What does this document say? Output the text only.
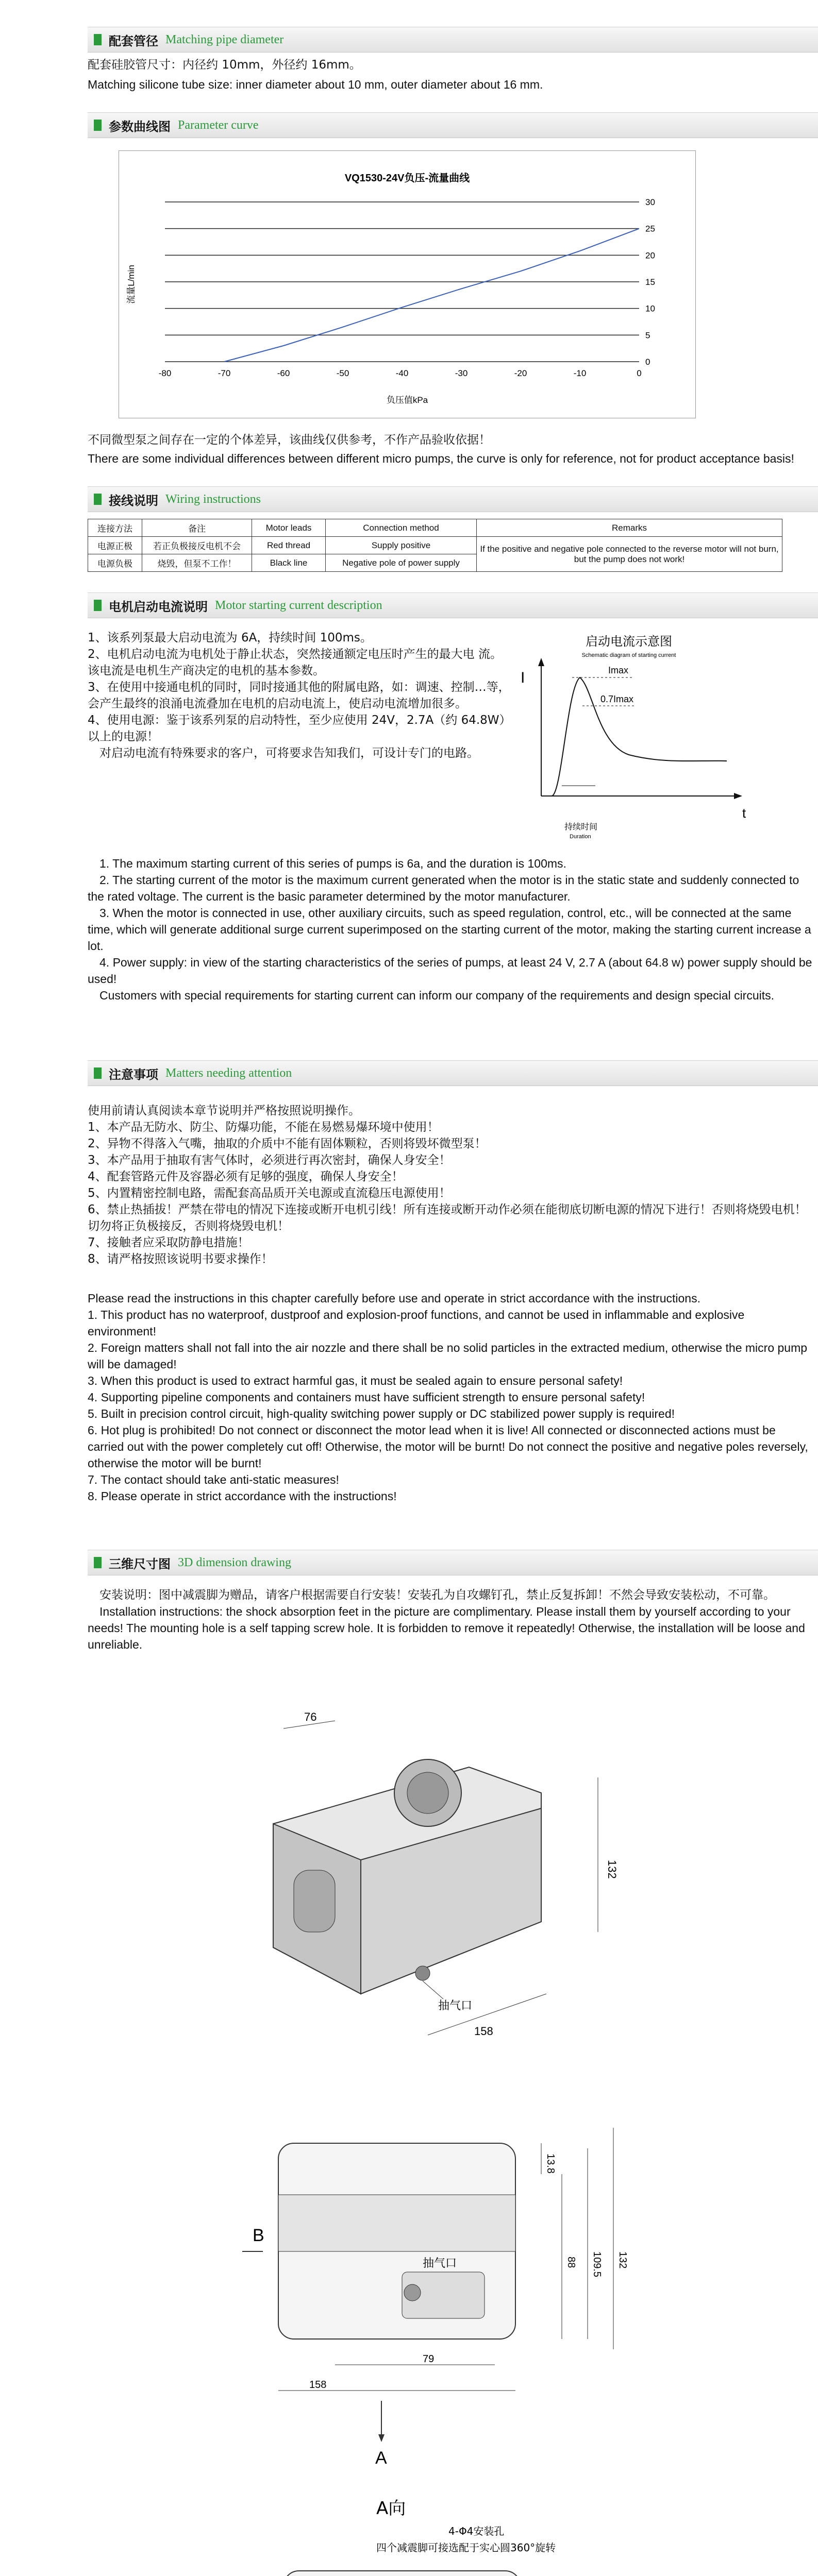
配套管径 Matching pipe diameter

配套硅胶管尺寸：内径约 10mm，外径约 16mm。

Matching silicone tube size: inner diameter about 10 mm, outer diameter about 16 mm.

参数曲线图 Parameter curve
VQ1530-24V负压-流量曲线
-80	-70	-60	-50	-40	-30	-20	-10	0
0
5
10
15
20
25
30
负压值kPa
流量L/min

不同微型泵之间存在一定的个体差异，该曲线仅供参考，不作产品验收依据！

There are some individual differences between different micro pumps, the curve is only for reference, not for product acceptance basis!

接线说明 Wiring instructions
连接方法	备注	Motor leads	Connection method	Remarks
电源正极	若正负极接反电机不会	Red thread	Supply positive	If the positive and negative pole connected to the reverse motor will not burn, but the pump does not work!
电源负极	烧毁，但泵不工作！	Black line	Negative pole of power supply	
电机启动电流说明 Motor starting current description

1、该系列泵最大启动电流为 6A，持续时间 100ms。

2、电机启动电流为电机处于静止状态，突然接通额定电压时产生的最大电 流。该电流是电机生产商决定的电机的基本参数。

3、在使用中接通电机的同时，同时接通其他的附属电路，如：调速、控制…等，会产生最终的浪涌电流叠加在电机的启动电流上，使启动电流增加很多。

4、使用电源：鉴于该系列泵的启动特性，至少应使用 24V，2.7A（约 64.8W）以上的电源！

对启动电流有特殊要求的客户，可将要求告知我们，可设计专门的电路。

启动电流示意图
Schematic diagram of starting current
I
t
Imax
0.7Imax
持续时间
Duration

1. The maximum starting current of this series of pumps is 6a, and the duration is 100ms.

2. The starting current of the motor is the maximum current generated when the motor is in the static state and suddenly connected to the rated voltage. The current is the basic parameter determined by the motor manufacturer.

3. When the motor is connected in use, other auxiliary circuits, such as speed regulation, control, etc., will be connected at the same time, which will generate additional surge current superimposed on the starting current of the motor, making the starting current increase a lot.

4. Power supply: in view of the starting characteristics of the series of pumps, at least 24 V, 2.7 A (about 64.8 w) power supply should be used!

Customers with special requirements for starting current can inform our company of the requirements and design special circuits.

注意事项 Matters needing attention

使用前请认真阅读本章节说明并严格按照说明操作。

1、本产品无防水、防尘、防爆功能，不能在易燃易爆环境中使用！

2、异物不得落入气嘴，抽取的介质中不能有固体颗粒，否则将毁坏微型泵！

3、本产品用于抽取有害气体时，必须进行再次密封，确保人身安全！

4、配套管路元件及容器必须有足够的强度，确保人身安全！

5、内置精密控制电路，需配套高品质开关电源或直流稳压电源使用！

6、禁止热插拔！严禁在带电的情况下连接或断开电机引线！所有连接或断开动作必须在能彻底切断电源的情况下进行！否则将烧毁电机！切勿将正负极接反，否则将烧毁电机！

7、接触者应采取防静电措施！

8、请严格按照该说明书要求操作！

Please read the instructions in this chapter carefully before use and operate in strict accordance with the instructions.

1. This product has no waterproof, dustproof and explosion-proof functions, and cannot be used in inflammable and explosive environment!

2. Foreign matters shall not fall into the air nozzle and there shall be no solid particles in the extracted medium, otherwise the micro pump will be damaged!

3. When this product is used to extract harmful gas, it must be sealed again to ensure personal safety!

4. Supporting pipeline components and containers must have sufficient strength to ensure personal safety!

5. Built in precision control circuit, high-quality switching power supply or DC stabilized power supply is required!

6. Hot plug is prohibited! Do not connect or disconnect the motor lead when it is live! All connected or disconnected actions must be carried out with the power completely cut off! Otherwise, the motor will be burnt! Do not connect the positive and negative poles reversely, otherwise the motor will be burnt!

7. The contact should take anti-static measures!

8. Please operate in strict accordance with the instructions!

三维尺寸图 3D dimension drawing

安装说明：图中减震脚为赠品，请客户根据需要自行安装！安装孔为自攻螺钉孔，禁止反复拆卸！不然会导致安装松动，不可靠。

Installation instructions: the shock absorption feet in the picture are complimentary. Please install them by yourself according to your needs! The mounting hole is a self tapping screw hole. It is forbidden to remove it repeatedly! Otherwise, the installation will be loose and unreliable.

76
抽气口
132
158
B
抽气口
13.8
88 109.5 132
79
158
A
A向
4-Φ4安装孔
四个减震脚可接选配于实心圆360°旋转
